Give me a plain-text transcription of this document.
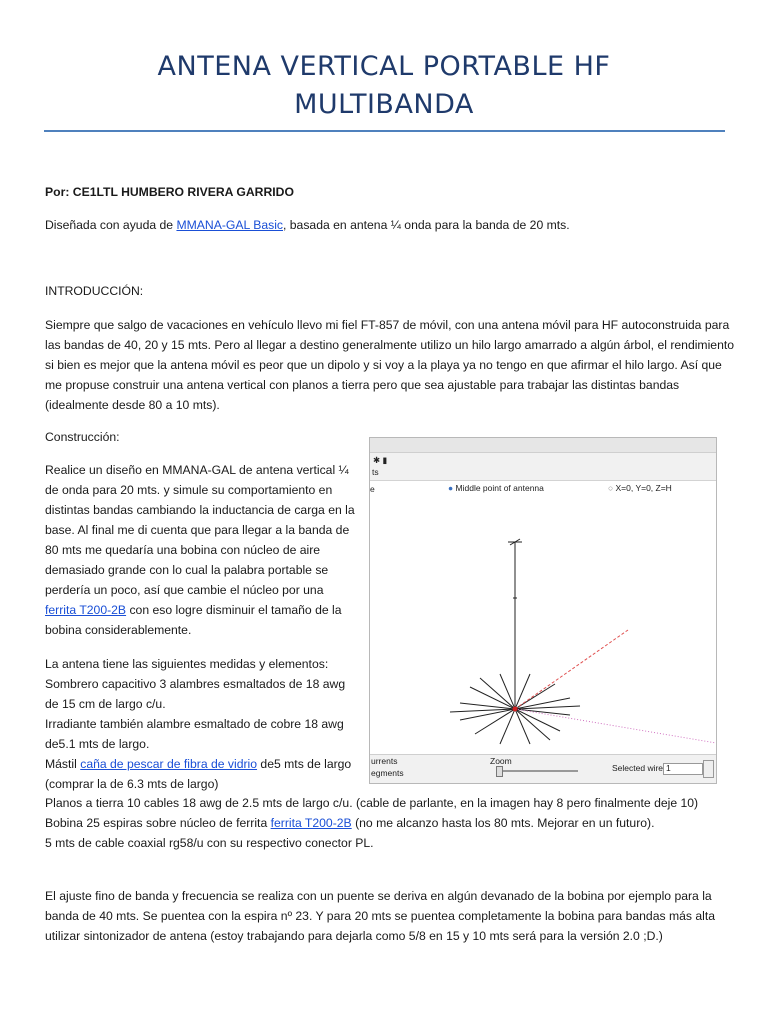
ANTENA VERTICAL PORTABLE HF
MULTIBANDA

Por: CE1LTL HUMBERO RIVERA GARRIDO

Diseñada con ayuda de MMANA-GAL Basic, basada en antena ¼ onda para la banda de 20 mts.

INTRODUCCIÓN:

Siempre que salgo de vacaciones en vehículo llevo mi fiel FT-857 de móvil, con una antena móvil para HF autoconstruida para las bandas de 40, 20 y 15 mts. Pero al llegar a destino generalmente utilizo un hilo largo amarrado a algún árbol, el rendimiento si bien es mejor que la antena móvil es peor que un dipolo y si voy a la playa ya no tengo en que afirmar el hilo largo. Así que me propuse construir una antena vertical con planos a tierra pero que sea ajustable para trabajar las distintas bandas (idealmente desde 80 a 10 mts).

Construcción:

Realice un diseño en MMANA-GAL de antena vertical ¼ de onda para 20 mts. y simule su comportamiento en distintas bandas cambiando la inductancia de carga en la base. Al final me di cuenta que para llegar a la banda de 80 mts me quedaría una bobina con núcleo de aire demasiado grande con lo cual la palabra portable se perdería un poco, así que cambie el núcleo por una ferrita T200-2B con eso logre disminuir el tamaño de la bobina considerablemente.

La antena tiene las siguientes medidas y elementos:
Sombrero capacitivo 3 alambres esmaltados de 18 awg de 15 cm de largo c/u.
Irradiante también alambre esmaltado de cobre 18 awg de5.1 mts de largo.
Mástil caña de pescar de fibra de vidrio de5 mts de largo (comprar la de 6.3 mts de largo)
Planos a tierra 10 cables 18 awg de 2.5 mts de largo c/u. (cable de parlante, en la imagen hay 8 pero finalmente deje 10)
Bobina 25 espiras sobre núcleo de ferrita ferrita T200-2B (no me alcanzo hasta los 80 mts. Mejorar en un futuro).
5 mts de cable coaxial rg58/u con su respectivo conector PL.

El ajuste fino de banda y frecuencia se realiza con un puente se deriva en algún devanado de la bobina por ejemplo para la banda de 40 mts. Se puentea con la espira nº 23. Y para 20 mts se puentea completamente la bobina para bandas más alta utilizar sintonizador de antena (estoy trabajando para dejarla como 5/8 en 15 y 10 mts será para la versión 2.0 ;D.)

✱ ▮
ts
e	● Middle point of antenna	○ X=0, Y=0, Z=H
urrents
egments
Zoom
Selected wire 1
